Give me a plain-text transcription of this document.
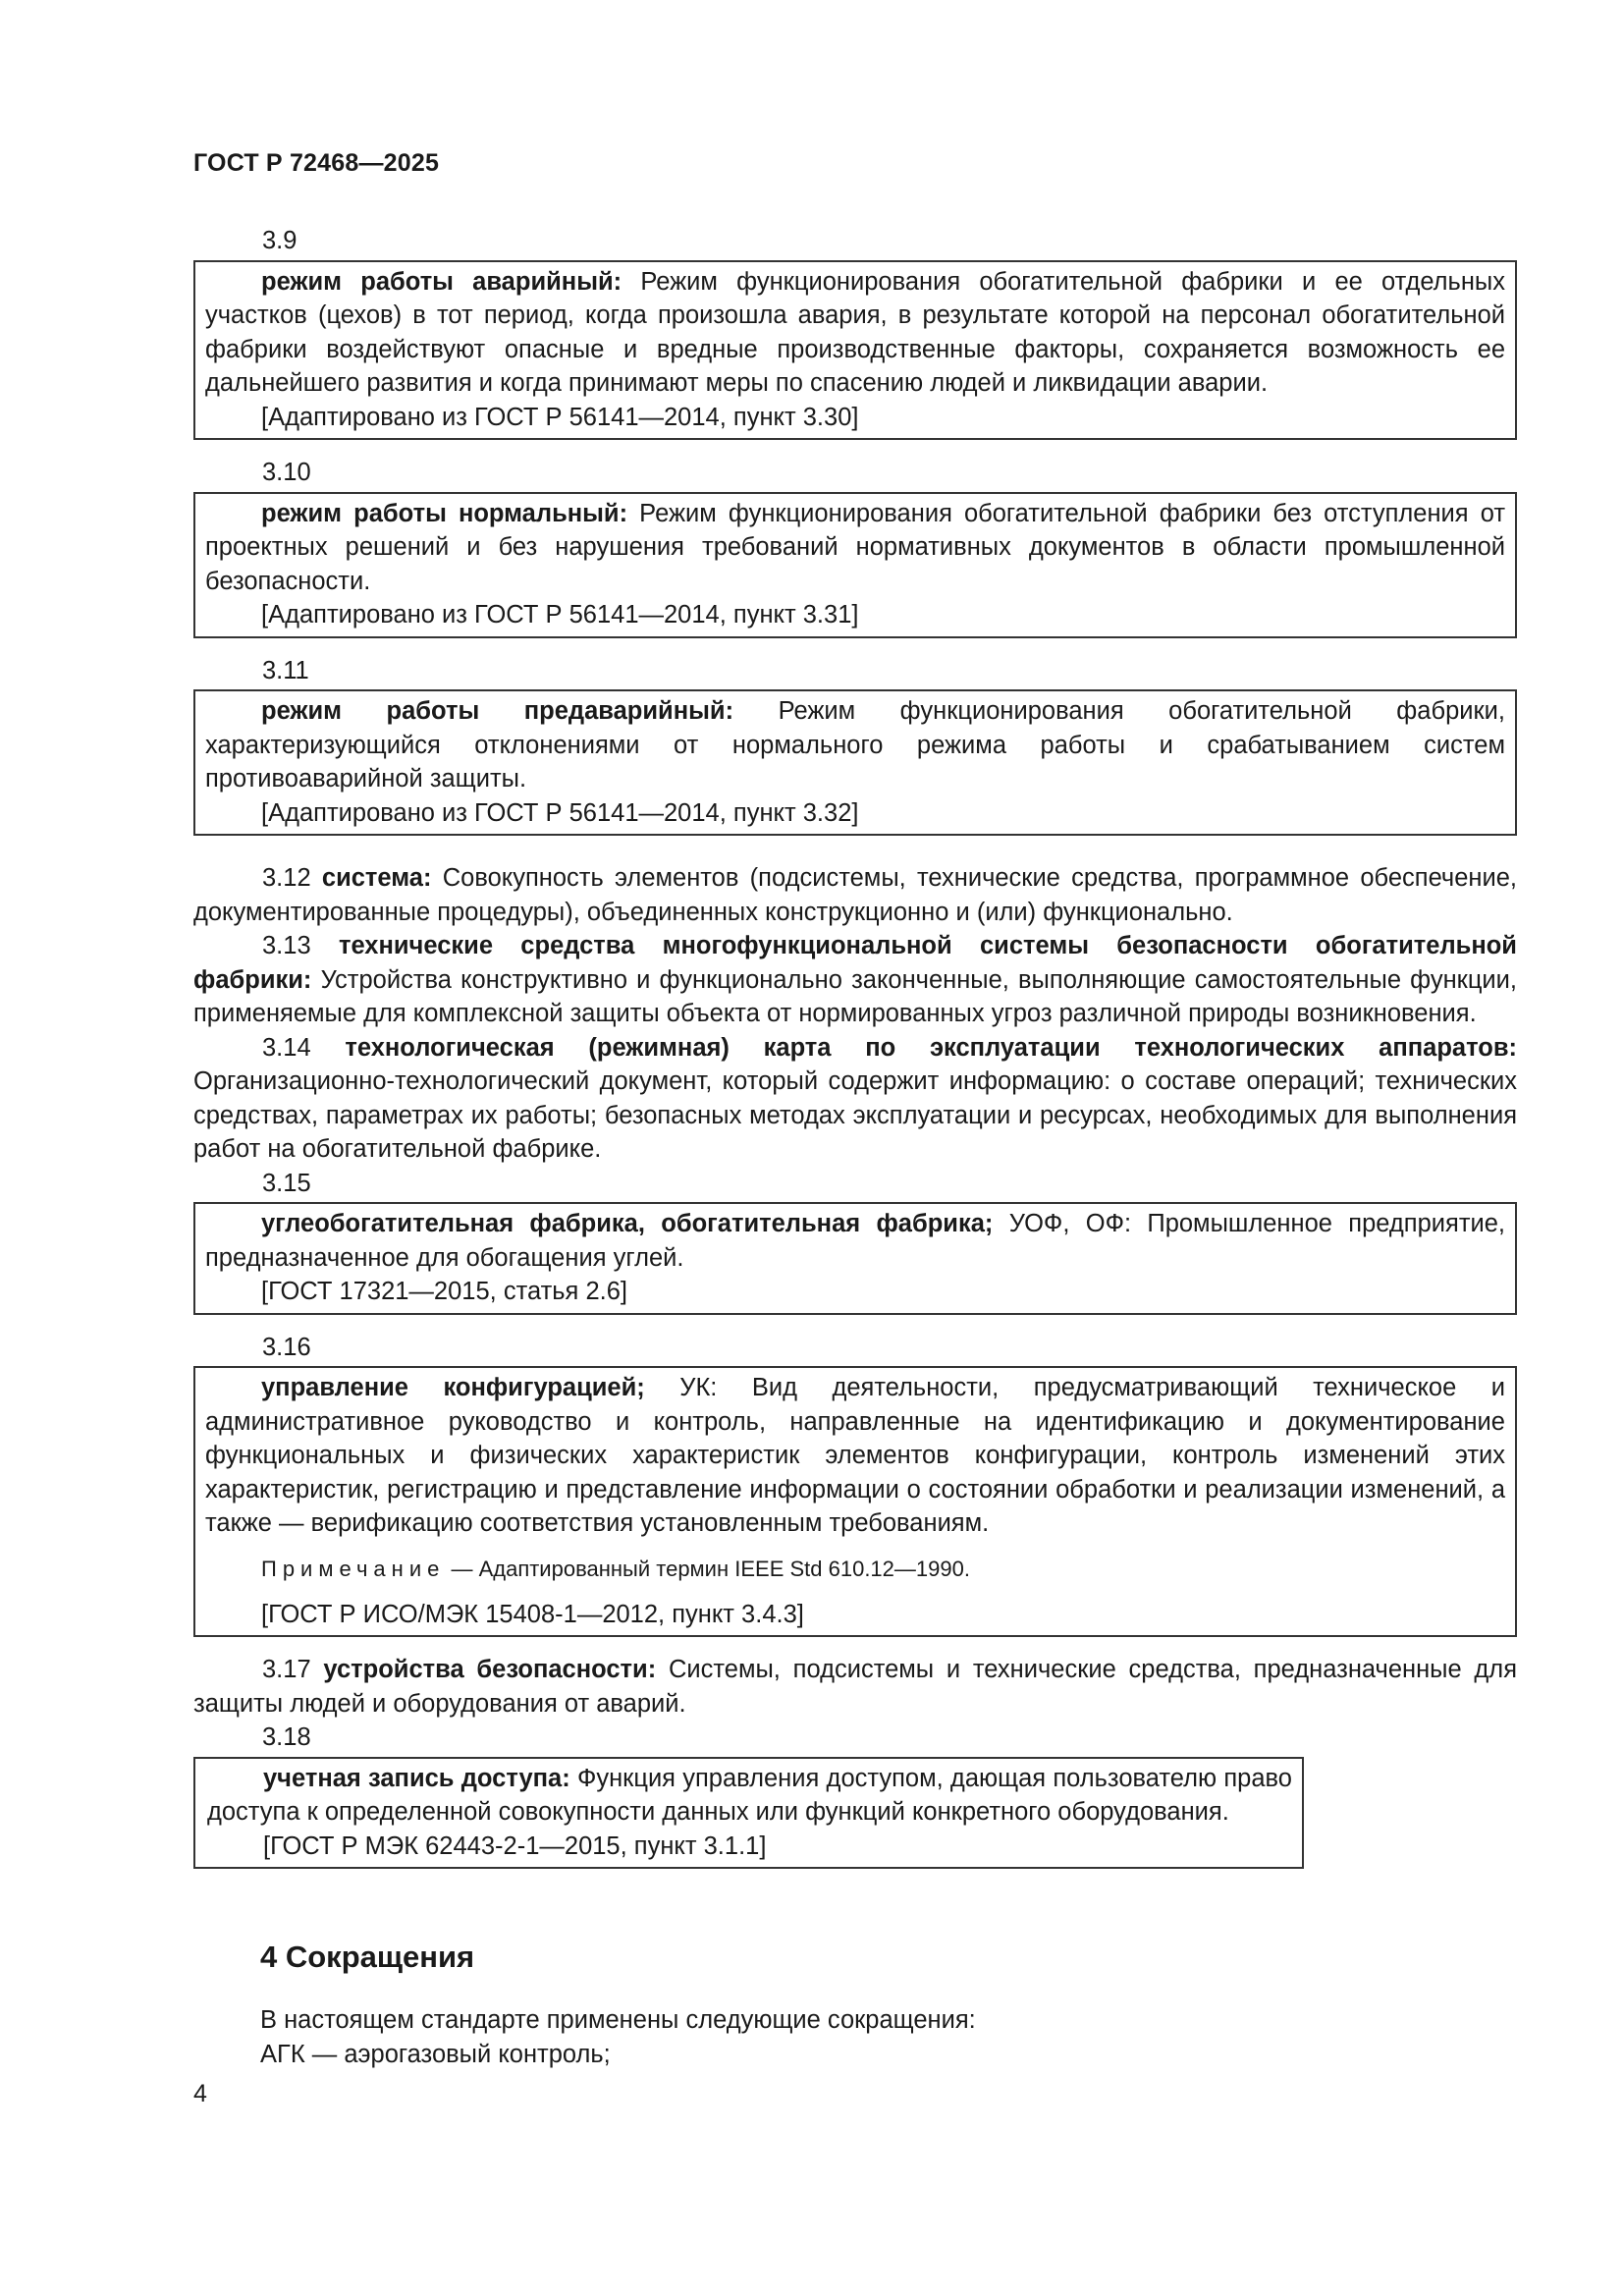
ГОСТ Р 72468—2025
3.9

режим работы аварийный: Режим функционирования обогатительной фабрики и ее отдельных участков (цехов) в тот период, когда произошла авария, в результате которой на персонал обогатительной фабрики воздействуют опасные и вредные производственные факторы, сохраняется возможность ее дальнейшего развития и когда принимают меры по спасению людей и ликвидации аварии.

[Адаптировано из ГОСТ Р 56141—2014, пункт 3.30]

3.10

режим работы нормальный: Режим функционирования обогатительной фабрики без отступления от проектных решений и без нарушения требований нормативных документов в области промышленной безопасности.

[Адаптировано из ГОСТ Р 56141—2014, пункт 3.31]

3.11

режим работы предаварийный: Режим функционирования обогатительной фабрики, характеризующийся отклонениями от нормального режима работы и срабатыванием систем противоаварийной защиты.

[Адаптировано из ГОСТ Р 56141—2014, пункт 3.32]

3.12 система: Совокупность элементов (подсистемы, технические средства, программное обеспечение, документированные процедуры), объединенных конструкционно и (или) функционально.

3.13 технические средства многофункциональной системы безопасности обогатительной фабрики: Устройства конструктивно и функционально законченные, выполняющие самостоятельные функции, применяемые для комплексной защиты объекта от нормированных угроз различной природы возникновения.

3.14 технологическая (режимная) карта по эксплуатации технологических аппаратов: Организационно-технологический документ, который содержит информацию: о составе операций; технических средствах, параметрах их работы; безопасных методах эксплуатации и ресурсах, необходимых для выполнения работ на обогатительной фабрике.

3.15

углеобогатительная фабрика, обогатительная фабрика; УОФ, ОФ: Промышленное предприятие, предназначенное для обогащения углей.

[ГОСТ 17321—2015, статья 2.6]

3.16

управление конфигурацией; УК: Вид деятельности, предусматривающий техническое и административное руководство и контроль, направленные на идентификацию и документирование функциональных и физических характеристик элементов конфигурации, контроль изменений этих характеристик, регистрацию и представление информации о состоянии обработки и реализации изменений, а также — верификацию соответствия установленным требованиям.

Примечание — Адаптированный термин IEEE Std 610.12—1990.

[ГОСТ Р ИСО/МЭК 15408-1—2012, пункт 3.4.3]

3.17 устройства безопасности: Системы, подсистемы и технические средства, предназначенные для защиты людей и оборудования от аварий.

3.18

учетная запись доступа: Функция управления доступом, дающая пользователю право доступа к определенной совокупности данных или функций конкретного оборудования.

[ГОСТ Р МЭК 62443-2-1—2015, пункт 3.1.1]

4 Сокращения
В настоящем стандарте применены следующие сокращения:
АГК — аэрогазовый контроль;
4
